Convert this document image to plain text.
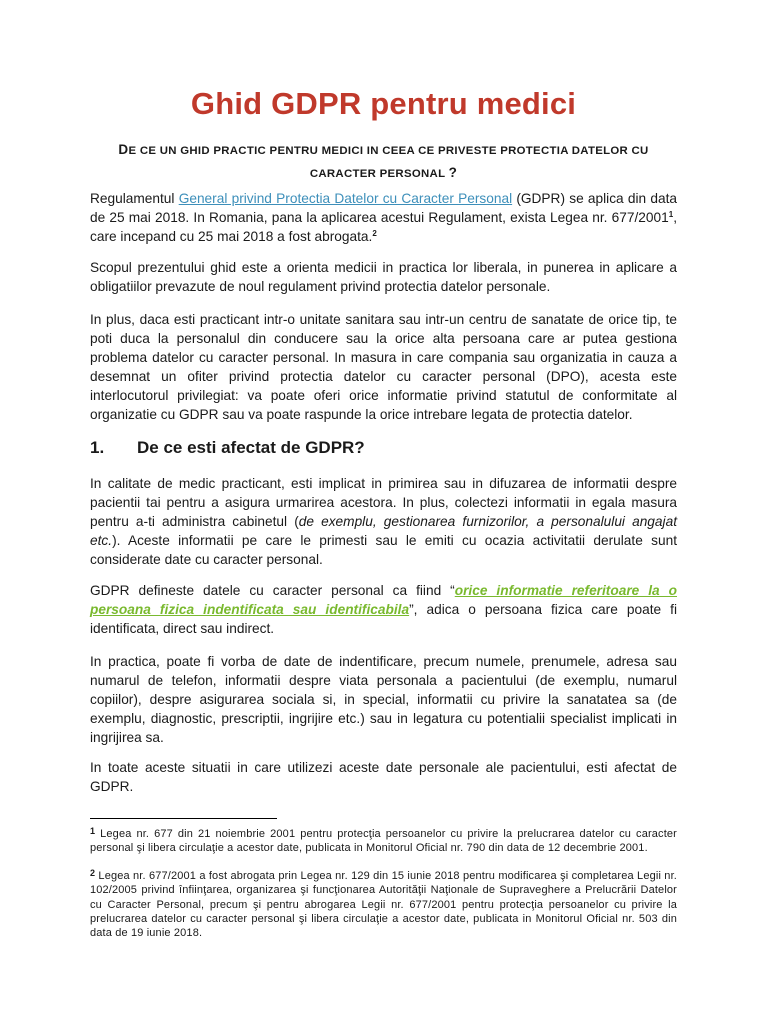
Ghid GDPR pentru medici
DE CE UN GHID PRACTIC PENTRU MEDICI IN CEEA CE PRIVESTE PROTECTIA DATELOR CU
CARACTER PERSONAL ?

Regulamentul General privind Protectia Datelor cu Caracter Personal (GDPR) se aplica din data de 25 mai 2018. In Romania, pana la aplicarea acestui Regulament, exista Legea nr. 677/2001$^1$, care incepand cu 25 mai 2018 a fost abrogata.$^2$

Scopul prezentului ghid este a orienta medicii in practica lor liberala, in punerea in aplicare a obligatiilor prevazute de noul regulament privind protectia datelor personale.

In plus, daca esti practicant intr-o unitate sanitara sau intr-un centru de sanatate de orice tip, te poti duca la personalul din conducere sau la orice alta persoana care ar putea gestiona problema datelor cu caracter personal. In masura in care compania sau organizatia in cauza a desemnat un ofiter privind protectia datelor cu caracter personal (DPO), acesta este interlocutorul privilegiat: va poate oferi orice informatie privind statutul de conformitate al organizatie cu GDPR sau va poate raspunde la orice intrebare legata de protectia datelor.

1. De ce esti afectat de GDPR?

In calitate de medic practicant, esti implicat in primirea sau in difuzarea de informatii despre pacientii tai pentru a asigura urmarirea acestora. In plus, colectezi informatii in egala masura pentru a-ti administra cabinetul (de exemplu, gestionarea furnizorilor, a personalului angajat etc.). Aceste informatii pe care le primesti sau le emiti cu ocazia activitatii derulate sunt considerate date cu caracter personal.

GDPR defineste datele cu caracter personal ca fiind “orice informatie referitoare la o persoana fizica indentificata sau identificabila”, adica o persoana fizica care poate fi identificata, direct sau indirect.

In practica, poate fi vorba de date de indentificare, precum numele, prenumele, adresa sau numarul de telefon, informatii despre viata personala a pacientului (de exemplu, numarul copiilor), despre asigurarea sociala si, in special, informatii cu privire la sanatatea sa (de exemplu, diagnostic, prescriptii, ingrijire etc.) sau in legatura cu potentialii specialist implicati in ingrijirea sa.

In toate aceste situatii in care utilizezi aceste date personale ale pacientului, esti afectat de GDPR.

$^1$ Legea nr. 677 din 21 noiembrie 2001 pentru protecţia persoanelor cu privire la prelucrarea datelor cu caracter personal şi libera circulaţie a acestor date, publicata in Monitorul Oficial nr. 790 din data de 12 decembrie 2001.

$^2$ Legea nr. 677/2001 a fost abrogata prin Legea nr. 129 din 15 iunie 2018 pentru modificarea şi completarea Legii nr. 102/2005 privind înfiinţarea, organizarea şi funcţionarea Autorităţii Naţionale de Supraveghere a Prelucrării Datelor cu Caracter Personal, precum şi pentru abrogarea Legii nr. 677/2001 pentru protecţia persoanelor cu privire la prelucrarea datelor cu caracter personal şi libera circulaţie a acestor date, publicata in Monitorul Oficial nr. 503 din data de 19 iunie 2018.
